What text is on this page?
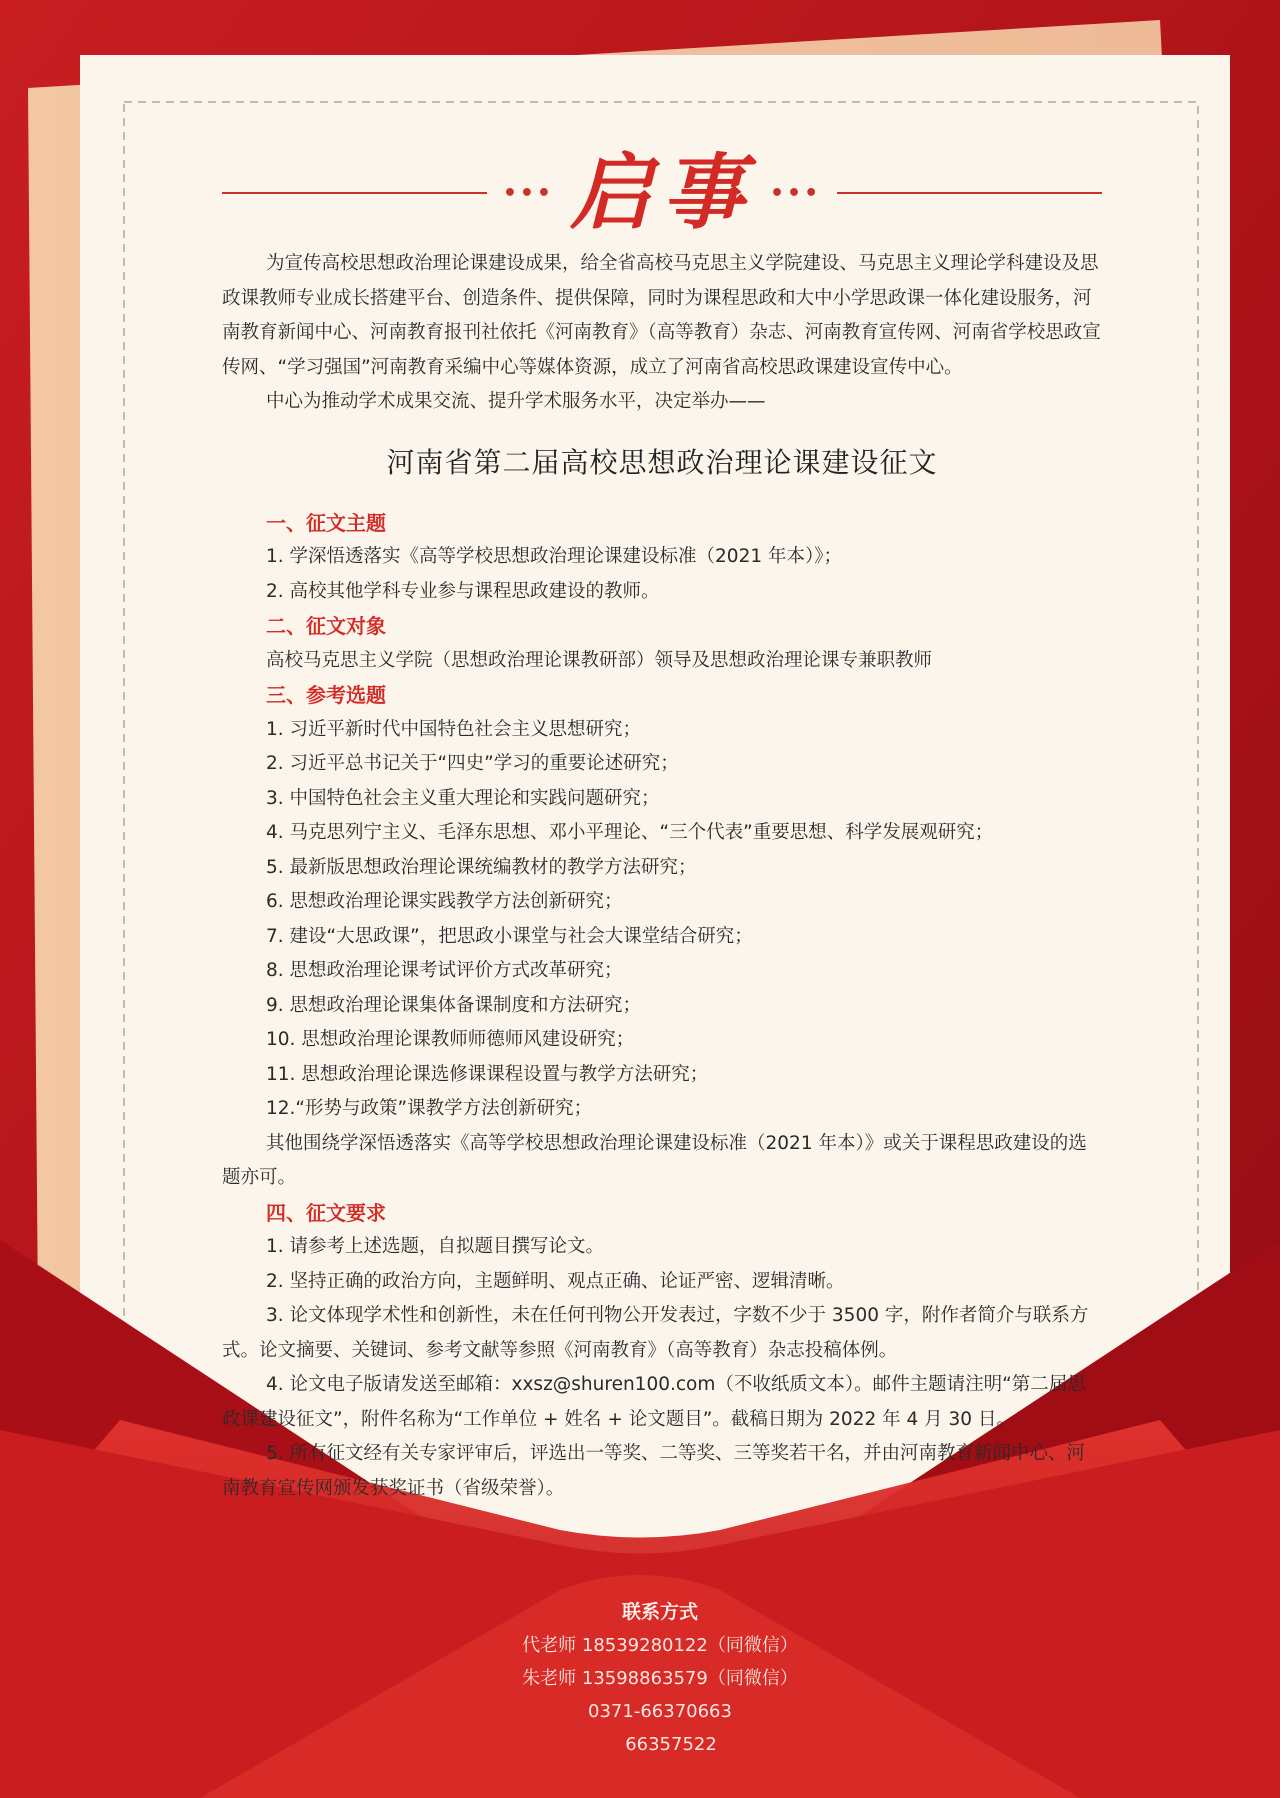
••• 启事 •••

为宣传高校思想政治理论课建设成果，给全省高校马克思主义学院建设、马克思主义理论学科建设及思政课教师专业成长搭建平台、创造条件、提供保障，同时为课程思政和大中小学思政课一体化建设服务，河南教育新闻中心、河南教育报刊社依托《河南教育》（高等教育）杂志、河南教育宣传网、河南省学校思政宣传网、“学习强国”河南教育采编中心等媒体资源，成立了河南省高校思政课建设宣传中心。

中心为推动学术成果交流、提升学术服务水平，决定举办——

河南省第二届高校思想政治理论课建设征文

一、征文主题

1. 学深悟透落实《高等学校思想政治理论课建设标准（2021 年本）》；

2. 高校其他学科专业参与课程思政建设的教师。

二、征文对象

高校马克思主义学院（思想政治理论课教研部）领导及思想政治理论课专兼职教师

三、参考选题

1. 习近平新时代中国特色社会主义思想研究；

2. 习近平总书记关于“四史”学习的重要论述研究；

3. 中国特色社会主义重大理论和实践问题研究；

4. 马克思列宁主义、毛泽东思想、邓小平理论、“三个代表”重要思想、科学发展观研究；

5. 最新版思想政治理论课统编教材的教学方法研究；

6. 思想政治理论课实践教学方法创新研究；

7. 建设“大思政课”，把思政小课堂与社会大课堂结合研究；

8. 思想政治理论课考试评价方式改革研究；

9. 思想政治理论课集体备课制度和方法研究；

10. 思想政治理论课教师师德师风建设研究；

11. 思想政治理论课选修课课程设置与教学方法研究；

12.“形势与政策”课教学方法创新研究；

其他围绕学深悟透落实《高等学校思想政治理论课建设标准（2021 年本）》或关于课程思政建设的选题亦可。

四、征文要求

1. 请参考上述选题，自拟题目撰写论文。

2. 坚持正确的政治方向，主题鲜明、观点正确、论证严密、逻辑清晰。

3. 论文体现学术性和创新性，未在任何刊物公开发表过，字数不少于 3500 字，附作者简介与联系方式。论文摘要、关键词、参考文献等参照《河南教育》（高等教育）杂志投稿体例。

4. 论文电子版请发送至邮箱：xxsz@shuren100.com（不收纸质文本）。邮件主题请注明“第二届思政课建设征文”，附件名称为“工作单位 + 姓名 + 论文题目”。截稿日期为 2022 年 4 月 30 日。

5. 所有征文经有关专家评审后，评选出一等奖、二等奖、三等奖若干名，并由河南教育新闻中心、河南教育宣传网颁发获奖证书（省级荣誉）。

联系方式

代老师 18539280122（同微信）

朱老师 13598863579（同微信）

0371-66370663

66357522
